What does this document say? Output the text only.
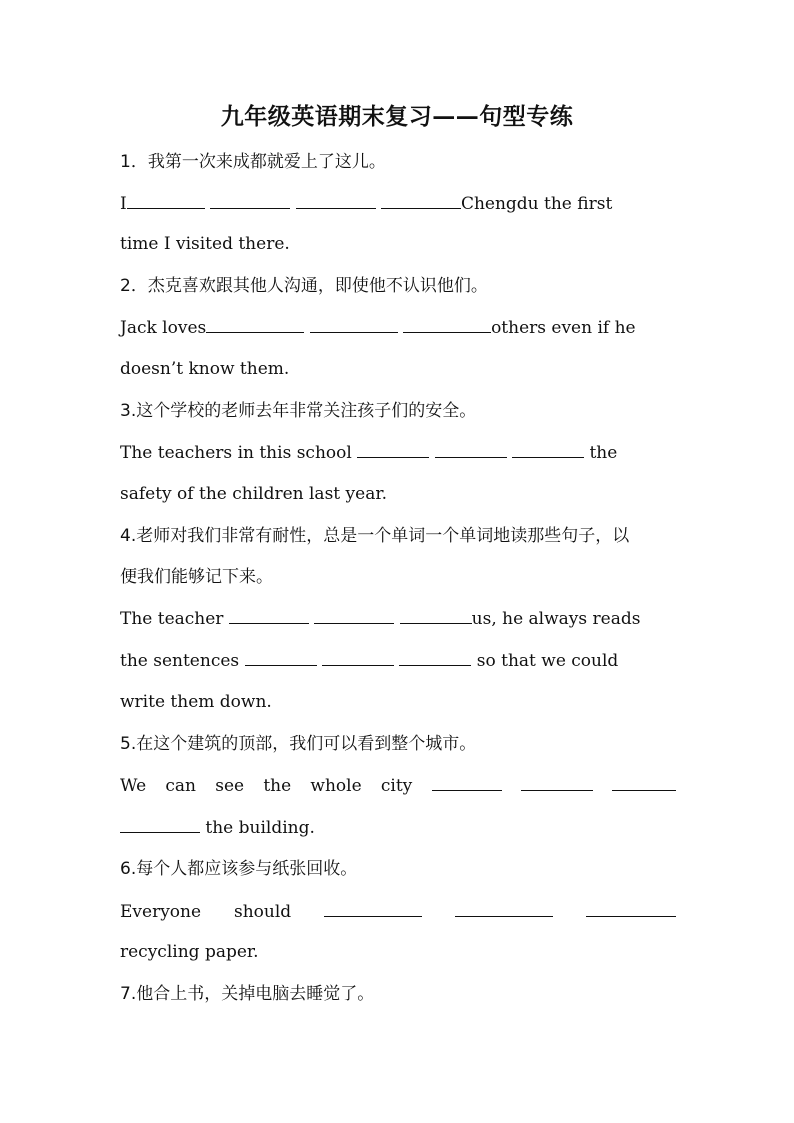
九年级英语期末复习——句型专练
1．我第一次来成都就爱上了这儿。
I	Chengdu the first
time I visited there.
2．杰克喜欢跟其他人沟通，即使他不认识他们。
Jack loves	others even if he
doesn’t know them.
3.这个学校的老师去年非常关注孩子们的安全。
The teachers in this school	the
safety of the children last year.
4.老师对我们非常有耐性，总是一个单词一个单词地读那些句子，以
便我们能够记下来。
The teacher	us, he always reads
the sentences	so that we could
write them down.
5.在这个建筑的顶部，我们可以看到整个城市。
We can see the whole city
the building.
6.每个人都应该参与纸张回收。
Everyone should
recycling paper.
7.他合上书，关掉电脑去睡觉了。
